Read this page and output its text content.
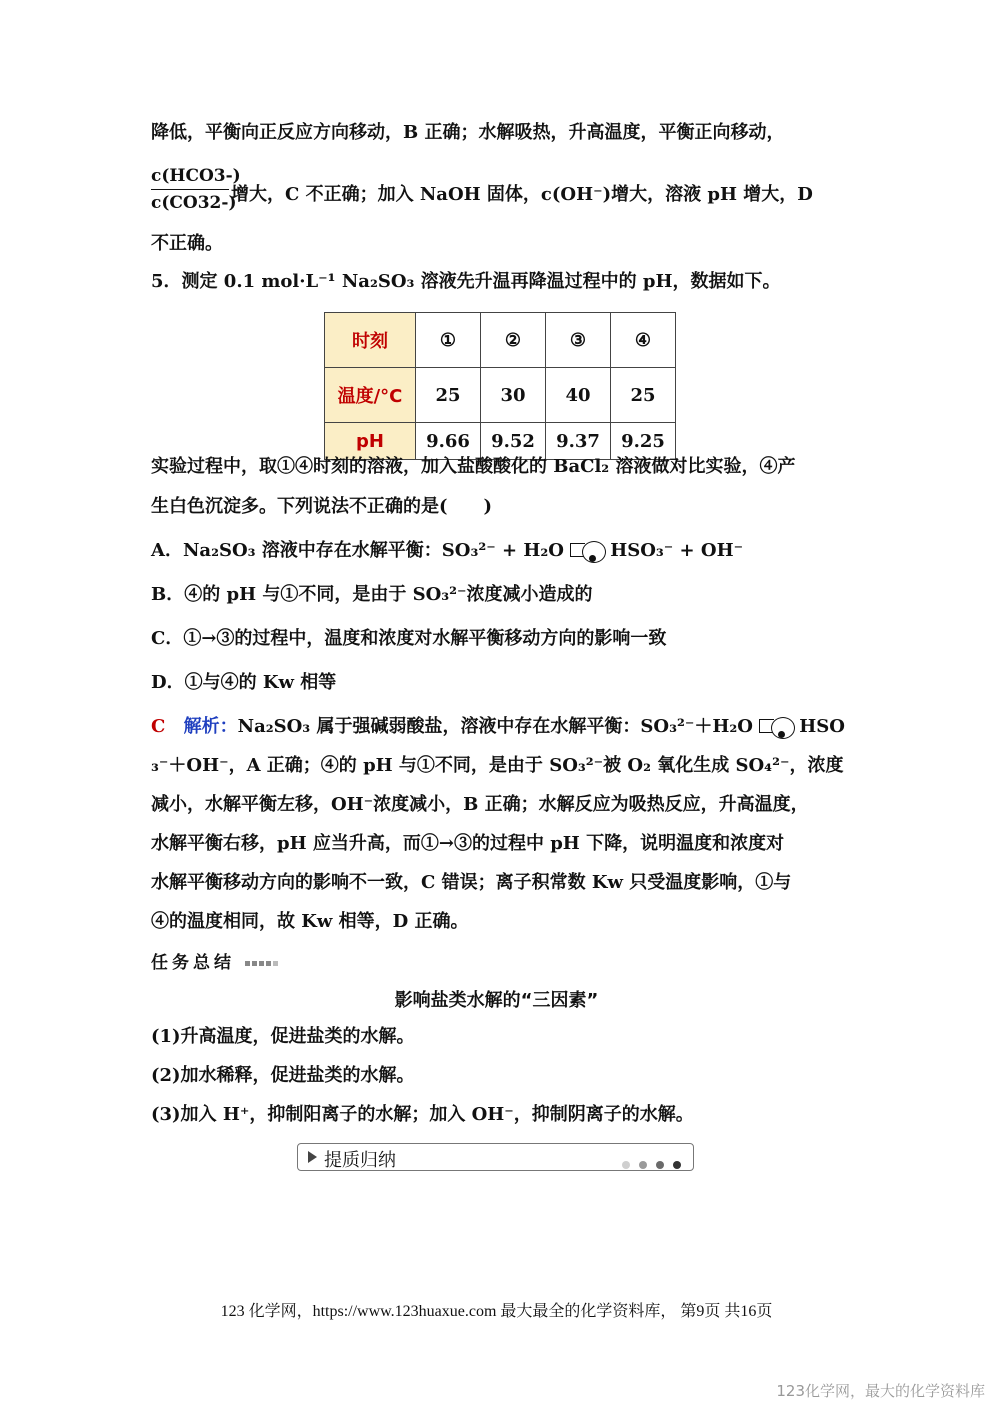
降低，平衡向正反应方向移动，B 正确；水解吸热，升高温度，平衡正向移动，
c(HCO3-)
c(CO32-)
增大，C 不正确；加入 NaOH 固体，c(OH⁻)增大，溶液 pH 增大，D
不正确。
5．测定 0.1 mol·L⁻¹ Na₂SO₃ 溶液先升温再降温过程中的 pH，数据如下。
时刻	①	②	③	④
温度/°C	25	30	40	25
pH	9.66	9.52	9.37	9.25
实验过程中，取①④时刻的溶液，加入盐酸酸化的 BaCl₂ 溶液做对比实验，④产
生白色沉淀多。下列说法不正确的是(　　)
A．Na₂SO₃ 溶液中存在水解平衡：SO₃²⁻ + H₂O ⇌HSO₃⁻ + OH⁻
B．④的 pH 与①不同，是由于 SO₃²⁻浓度减小造成的
C．①→③的过程中，温度和浓度对水解平衡移动方向的影响一致
D．①与④的 Kw 相等
C 解析：Na₂SO₃ 属于强碱弱酸盐，溶液中存在水解平衡：SO₃²⁻＋H₂O ⇌HSO
₃⁻＋OH⁻，A 正确；④的 pH 与①不同，是由于 SO₃²⁻被 O₂ 氧化生成 SO₄²⁻，浓度
减小，水解平衡左移，OH⁻浓度减小，B 正确；水解反应为吸热反应，升高温度，
水解平衡右移，pH 应当升高，而①→③的过程中 pH 下降，说明温度和浓度对
水解平衡移动方向的影响不一致，C 错误；离子积常数 Kw 只受温度影响，①与
④的温度相同，故 Kw 相等，D 正确。
任务总结
影响盐类水解的“三因素”
(1)升高温度，促进盐类的水解。
(2)加水稀释，促进盐类的水解。
(3)加入 H⁺，抑制阳离子的水解；加入 OH⁻，抑制阴离子的水解。
提质归纳
123 化学网，https://www.123huaxue.com 最大最全的化学资料库， 第9页 共16页
123化学网，最大的化学资料库
